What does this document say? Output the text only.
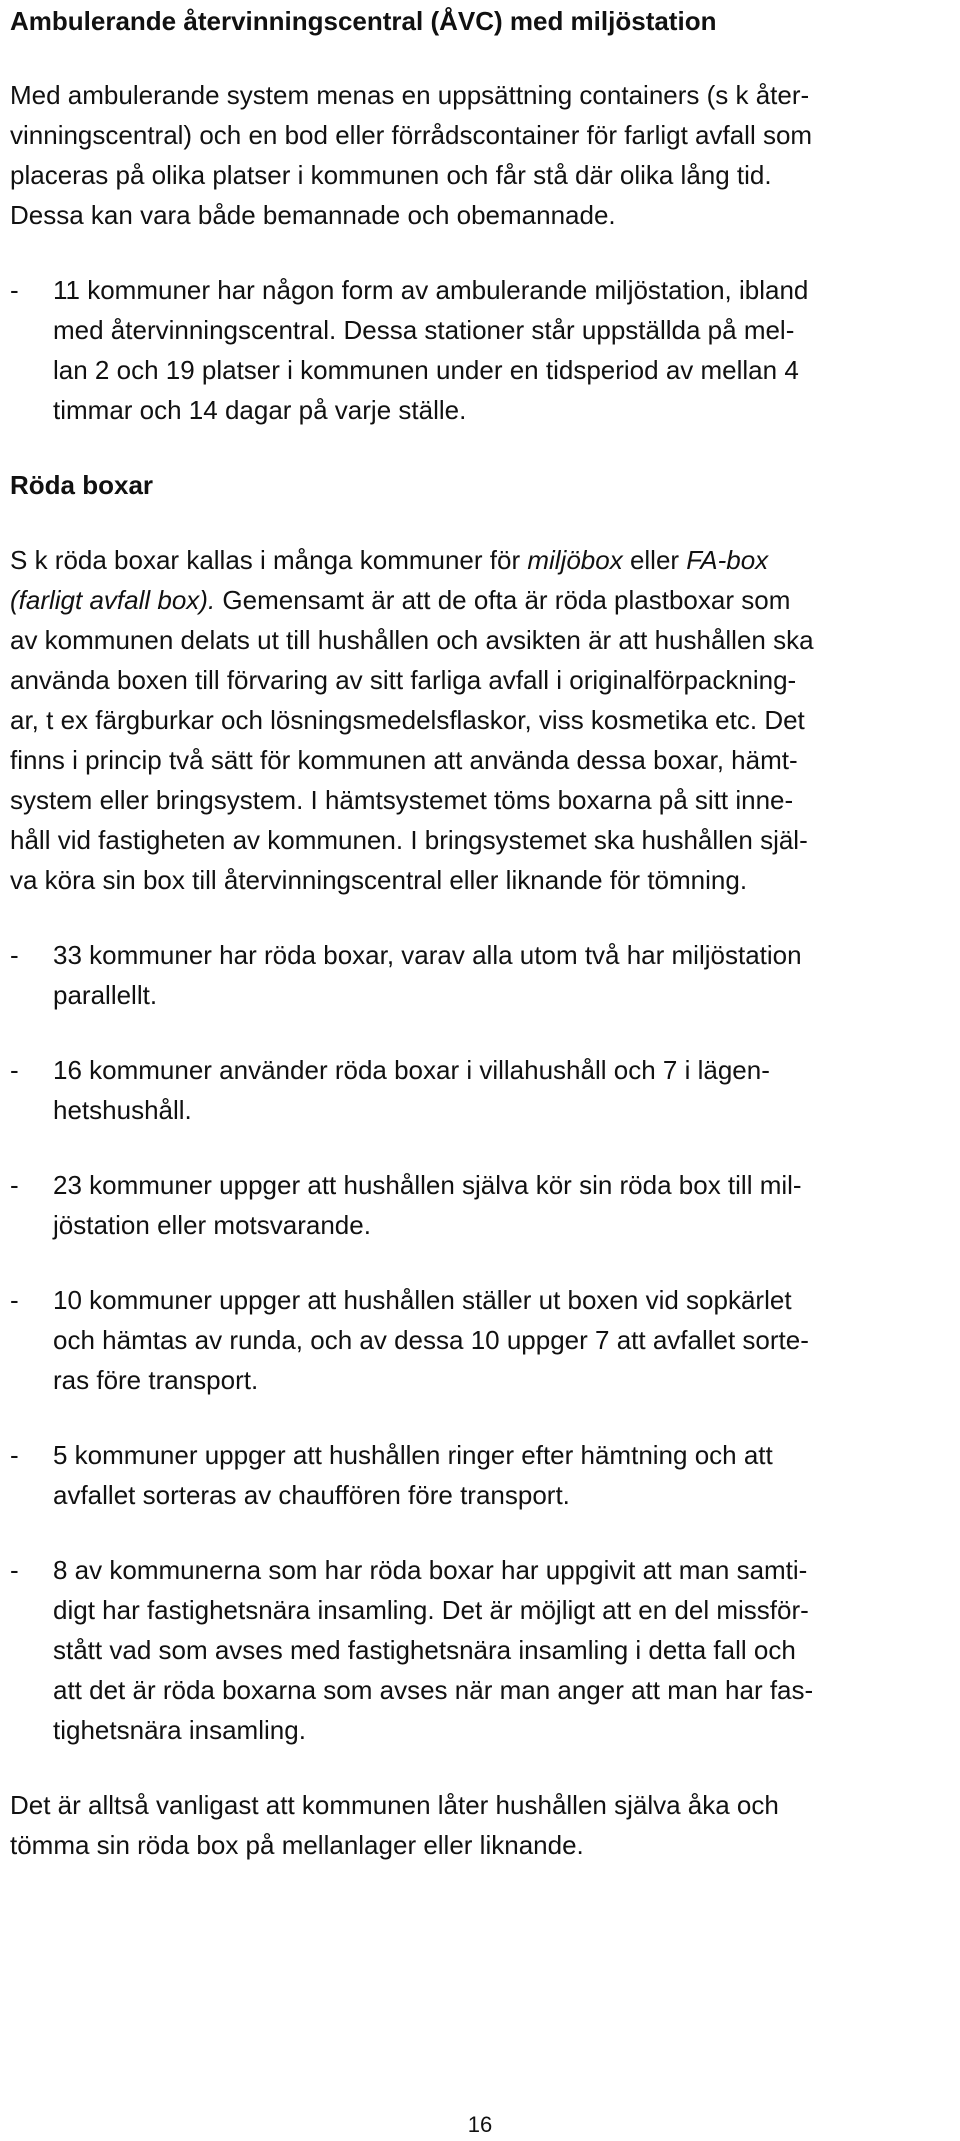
Ambulerande återvinningscentral (ÅVC) med miljöstation
Med ambulerande system menas en uppsättning containers (s k åter-
vinningscentral) och en bod eller förrådscontainer för farligt avfall som
placeras på olika platser i kommunen och får stå där olika lång tid.
Dessa kan vara både bemannade och obemannade.
- 11 kommuner har någon form av ambulerande miljöstation, ibland
med återvinningscentral. Dessa stationer står uppställda på mel-
lan 2 och 19 platser i kommunen under en tidsperiod av mellan 4
timmar och 14 dagar på varje ställe.
Röda boxar
S k röda boxar kallas i många kommuner för miljöbox eller FA-box
(farligt avfall box). Gemensamt är att de ofta är röda plastboxar som
av kommunen delats ut till hushållen och avsikten är att hushållen ska
använda boxen till förvaring av sitt farliga avfall i originalförpackning-
ar, t ex färgburkar och lösningsmedelsflaskor, viss kosmetika etc. Det
finns i princip två sätt för kommunen att använda dessa boxar, hämt-
system eller bringsystem. I hämtsystemet töms boxarna på sitt inne-
håll vid fastigheten av kommunen. I bringsystemet ska hushållen själ-
va köra sin box till återvinningscentral eller liknande för tömning.
- 33 kommuner har röda boxar, varav alla utom två har miljöstation
parallellt.
- 16 kommuner använder röda boxar i villahushåll och 7 i lägen-
hetshushåll.
- 23 kommuner uppger att hushållen själva kör sin röda box till mil-
jöstation eller motsvarande.
- 10 kommuner uppger att hushållen ställer ut boxen vid sopkärlet
och hämtas av runda, och av dessa 10 uppger 7 att avfallet sorte-
ras före transport.
- 5 kommuner uppger att hushållen ringer efter hämtning och att
avfallet sorteras av chauffören före transport.
- 8 av kommunerna som har röda boxar har uppgivit att man samti-
digt har fastighetsnära insamling. Det är möjligt att en del missför-
stått vad som avses med fastighetsnära insamling i detta fall och
att det är röda boxarna som avses när man anger att man har fas-
tighetsnära insamling.
Det är alltså vanligast att kommunen låter hushållen själva åka och
tömma sin röda box på mellanlager eller liknande.
16
